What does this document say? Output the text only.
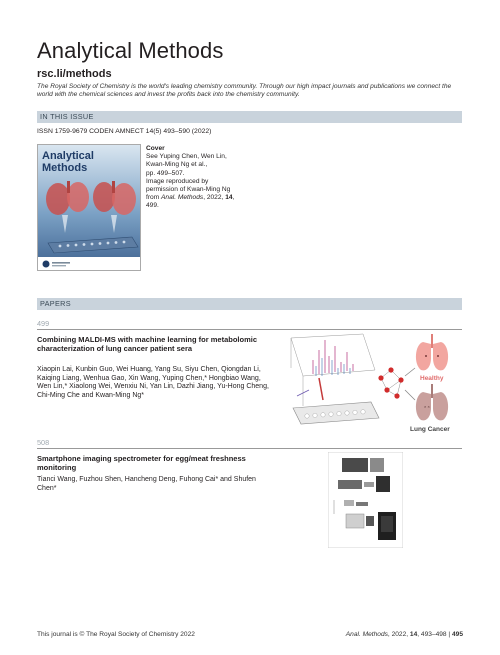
Analytical Methods
rsc.li/methods
The Royal Society of Chemistry is the world's leading chemistry community. Through our high impact journals and publications we connect the world with the chemical sciences and invest the profits back into the chemistry community.
IN THIS ISSUE
ISSN 1759-9679 CODEN AMNECT 14(5) 493–590 (2022)
Analytical
Methods
Cover
See Yuping Chen, Wen Lin,
Kwan-Ming Ng et al.,
pp. 499–507.
Image reproduced by
permission of Kwan-Ming Ng
from Anal. Methods, 2022, 14,
499.
PAPERS
499
Combining MALDI-MS with machine learning for metabolomic characterization of lung cancer patient sera
Xiaopin Lai, Kunbin Guo, Wei Huang, Yang Su, Siyu Chen, Qiongdan Li, Kaiqing Liang, Wenhua Gao, Xin Wang, Yuping Chen,* Hongbiao Wang, Wen Lin,* Xiaolong Wei, Wenxiu Ni, Yan Lin, Dazhi Jiang, Yu-Hong Cheng, Chi-Ming Che and Kwan-Ming Ng*
Healthy
× ×
Lung Cancer
508
Smartphone imaging spectrometer for egg/meat freshness monitoring
Tianci Wang, Fuzhou Shen, Hancheng Deng, Fuhong Cai* and Shufen Chen*
This journal is © The Royal Society of Chemistry 2022	Anal. Methods, 2022, 14, 493–498 | 495
